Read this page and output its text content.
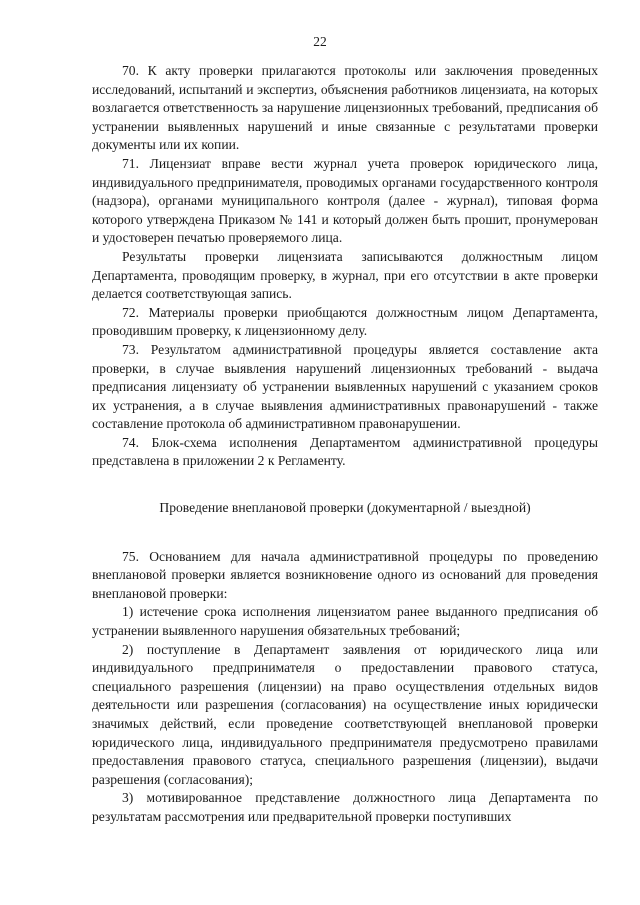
22

70. К акту проверки прилагаются протоколы или заключения проведенных исследований, испытаний и экспертиз, объяснения работников лицензиата, на которых возлагается ответственность за нарушение лицензионных требований, предписания об устранении выявленных нарушений и иные связанные с результатами проверки документы или их копии.

71. Лицензиат вправе вести журнал учета проверок юридического лица, индивидуального предпринимателя, проводимых органами государственного контроля (надзора), органами муниципального контроля (далее - журнал), типовая форма которого утверждена Приказом № 141 и который должен быть прошит, пронумерован и удостоверен печатью проверяемого лица.

Результаты проверки лицензиата записываются должностным лицом Департамента, проводящим проверку, в журнал, при его отсутствии в акте проверки делается соответствующая запись.

72. Материалы проверки приобщаются должностным лицом Департамента, проводившим проверку, к лицензионному делу.

73. Результатом административной процедуры является составление акта проверки, в случае выявления нарушений лицензионных требований - выдача предписания лицензиату об устранении выявленных нарушений с указанием сроков их устранения, а в случае выявления административных правонарушений - также составление протокола об административном правонарушении.

74. Блок-схема исполнения Департаментом административной процедуры представлена в приложении 2 к Регламенту.

Проведение внеплановой проверки (документарной / выездной)

75. Основанием для начала административной процедуры по проведению внеплановой проверки является возникновение одного из оснований для проведения внеплановой проверки:

1) истечение срока исполнения лицензиатом ранее выданного предписания об устранении выявленного нарушения обязательных требований;

2) поступление в Департамент заявления от юридического лица или индивидуального предпринимателя о предоставлении правового статуса, специального разрешения (лицензии) на право осуществления отдельных видов деятельности или разрешения (согласования) на осуществление иных юридически значимых действий, если проведение соответствующей внеплановой проверки юридического лица, индивидуального предпринимателя предусмотрено правилами предоставления правового статуса, специального разрешения (лицензии), выдачи разрешения (согласования);

3) мотивированное представление должностного лица Департамента по результатам рассмотрения или предварительной проверки поступивших
